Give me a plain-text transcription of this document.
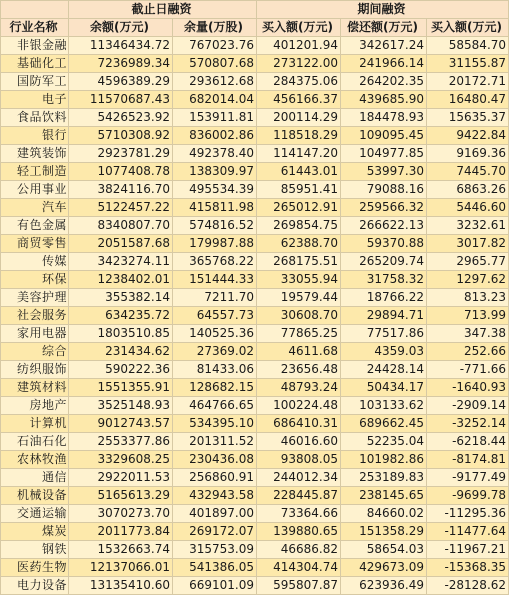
	截止日融资		期间融资		
行业名称	余额(万元)	余量(万股)	买入额(万元)	偿还额(万元)	买入额(万元)
非银金融	11346434.72	767023.76	401201.94	342617.24	58584.70
基础化工	7236989.34	570807.68	273122.00	241966.14	31155.87
国防军工	4596389.29	293612.68	284375.06	264202.35	20172.71
电子	11570687.43	682014.04	456166.37	439685.90	16480.47
食品饮料	5426523.92	153911.81	200114.29	184478.93	15635.37
银行	5710308.92	836002.86	118518.29	109095.45	9422.84
建筑装饰	2923781.29	492378.40	114147.20	104977.85	9169.36
轻工制造	1077408.78	138309.97	61443.01	53997.30	7445.70
公用事业	3824116.70	495534.39	85951.41	79088.16	6863.26
汽车	5122457.22	415811.98	265012.91	259566.32	5446.60
有色金属	8340807.70	574816.52	269854.75	266622.13	3232.61
商贸零售	2051587.68	179987.88	62388.70	59370.88	3017.82
传媒	3423274.11	365768.22	268175.51	265209.74	2965.77
环保	1238402.01	151444.33	33055.94	31758.32	1297.62
美容护理	355382.14	7211.70	19579.44	18766.22	813.23
社会服务	634235.72	64557.73	30608.70	29894.71	713.99
家用电器	1803510.85	140525.36	77865.25	77517.86	347.38
综合	231434.62	27369.02	4611.68	4359.03	252.66
纺织服饰	590222.36	81433.06	23656.48	24428.14	-771.66
建筑材料	1551355.91	128682.15	48793.24	50434.17	-1640.93
房地产	3525148.93	464766.65	100224.48	103133.62	-2909.14
计算机	9012743.57	534395.10	686410.31	689662.45	-3252.14
石油石化	2553377.86	201311.52	46016.60	52235.04	-6218.44
农林牧渔	3329608.25	230436.08	93808.05	101982.86	-8174.81
通信	2922011.53	256860.91	244012.34	253189.83	-9177.49
机械设备	5165613.29	432943.58	228445.87	238145.65	-9699.78
交通运输	3070273.70	401897.00	73364.66	84660.02	-11295.36
煤炭	2011773.84	269172.07	139880.65	151358.29	-11477.64
钢铁	1532663.74	315753.09	46686.82	58654.03	-11967.21
医药生物	12137066.01	541386.05	414304.74	429673.09	-15368.35
电力设备	13135410.60	669101.09	595807.87	623936.49	-28128.62
